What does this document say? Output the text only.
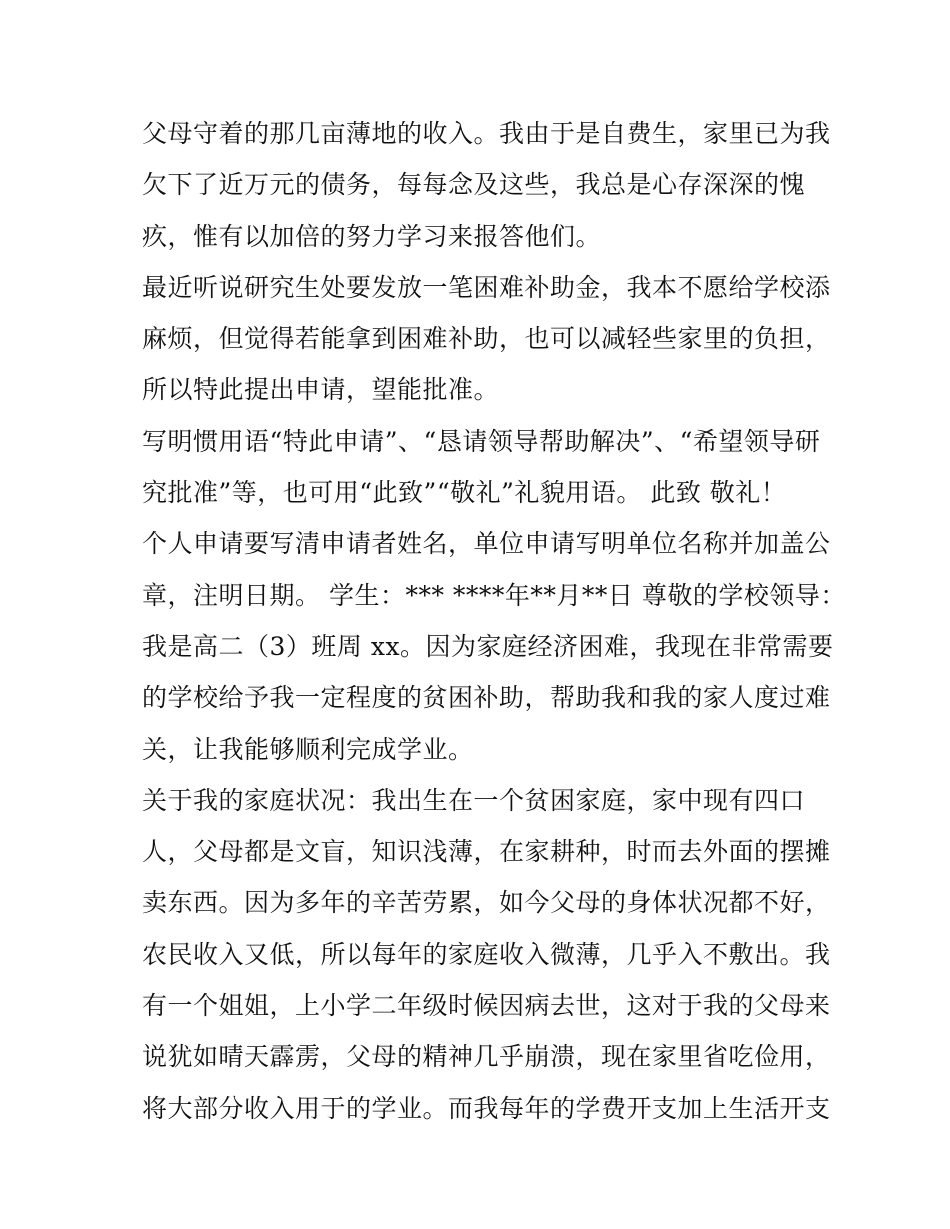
父母守着的那几亩薄地的收入。我由于是自费生，家里已为我
欠下了近万元的债务，每每念及这些，我总是心存深深的愧
疚，惟有以加倍的努力学习来报答他们。
最近听说研究生处要发放一笔困难补助金，我本不愿给学校添
麻烦，但觉得若能拿到困难补助，也可以减轻些家里的负担，
所以特此提出申请，望能批准。
写明惯用语“特此申请”、“恳请领导帮助解决”、“希望领导研
究批准”等，也可用“此致”“敬礼”礼貌用语。 此致 敬礼！
个人申请要写清申请者姓名，单位申请写明单位名称并加盖公
章，注明日期。 学生：*** ****年**月**日 尊敬的学校领导：
我是高二（3）班周 xx。因为家庭经济困难，我现在非常需要
的学校给予我一定程度的贫困补助，帮助我和我的家人度过难
关，让我能够顺利完成学业。
关于我的家庭状况：我出生在一个贫困家庭，家中现有四口
人，父母都是文盲，知识浅薄，在家耕种，时而去外面的摆摊
卖东西。因为多年的辛苦劳累，如今父母的身体状况都不好，
农民收入又低，所以每年的家庭收入微薄，几乎入不敷出。我
有一个姐姐，上小学二年级时候因病去世，这对于我的父母来
说犹如晴天霹雳，父母的精神几乎崩溃，现在家里省吃俭用，
将大部分收入用于的学业。而我每年的学费开支加上生活开支
